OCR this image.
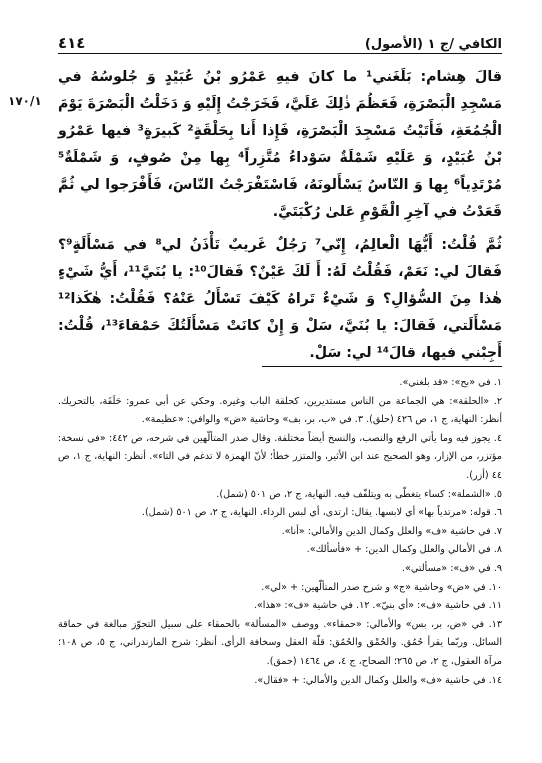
٤١٤	الكافي /ج ١ (الأصول)
١٧٠/١

قالَ هِشام: بَلَغَني¹ ما كانَ فيهِ عَمْرُو بْنُ عُبَيْدٍ وَ جُلوسُهُ في مَسْجِدِ الْبَصْرَةِ، فَعَظُمَ ذٰلِكَ عَلَيَّ، فَخَرَجْتُ إِلَيْهِ وَ دَخَلْتُ الْبَصْرَةَ يَوْمَ الْجُمُعَةِ، فَأَتَيْتُ مَسْجِدَ الْبَصْرَةِ، فَإِذا أَنا بِحَلْقَةٍ² كَبيرَةٍ³ فيها عَمْرُو بْنُ عُبَيْدٍ، وَ عَلَيْهِ شَمْلَةٌ سَوْداءُ مُتَّزِراً⁴ بِها مِنْ صُوفٍ، وَ شَمْلَةٌ⁵ مُرْتَدِياً⁶ بِها وَ النّاسُ يَسْأَلونَهُ، فَاسْتَفْرَجْتُ النّاسَ، فَأَفْرَجوا لي ثُمَّ قَعَدْتُ في آخِرِ الْقَوْمِ عَلىٰ رُكْبَتَيَّ.

ثُمَّ قُلْتُ: أَيُّهَا الْعالِمُ، إِنّي⁷ رَجُلٌ غَريبٌ تَأْذَنُ لي⁸ في مَسْأَلَةٍ⁹؟ فَقالَ لي: نَعَمْ، فَقُلْتُ لَهُ: أَ لَكَ عَيْنٌ؟ فَقالَ¹⁰: يا بُنَيَّ¹¹، أَيُّ شَيْءٍ هٰذا مِنَ السُّؤالِ؟ وَ شَيْءٌ تَراهُ كَيْفَ تَسْأَلُ عَنْهُ؟ فَقُلْتُ: هٰكَذا¹² مَسْأَلَتي، فَقالَ: يا بُنَيَّ، سَلْ وَ إِنْ كانَتْ مَسْأَلَتُكَ حَمْقاءَ¹³، قُلْتُ: أَجِبْني فيها، قالَ¹⁴ لي: سَلْ.

١. في «بح»: «قد بلغني».

٢. «الحلقة»: هي الجماعة من الناس مستديرين، كحلقة الباب وغيره. وحكي عن أبي عمرو: حَلَقَة، بالتحريك. أنظر: النهاية، ج ١، ص ٤٢٦ (حلق). ٣. في «ب، بر، بف» وحاشية «ض» والوافي: «عظيمة».

٤. يجوز فيه وما يأتي الرفع والنصب، والنسخ أيضاً مختلفة. وقال صدر المتألّهين في شرحه، ص ٤٤٢: «في نسخة: مؤتزر، من الإزار، وهو الصحيح عند ابن الأثير، والمتزر خطأ؛ لأنّ الهمزة لا تدغم في التاء». أنظر: النهاية، ج ١، ص ٤٤ (أزر).

٥. «الشملة»: كساء يتغطّى به ويتلفّف فيه. النهاية، ج ٢، ص ٥٠١ (شمل).

٦. قوله: «مرتدياً بها» أي لابسها. يقال: ارتدى، أي لبس الرداء. النهاية، ج ٢، ص ٥٠١ (شمل).

٧. في حاشية «ف» والعلل وكمال الدين والأمالي: «أنا».

٨. في الأمالي والعلل وكمال الدين: + «فأسألك».

٩. في «ف»: «مسألتي».

١٠. في «ض» وحاشية «ج» و شرح صدر المتألّهين: + «لي».

١١. في حاشية «ف»: «أي بنيّ». ١٢. في حاشية «ف»: «هذا».

١٣. في «ض، بر، بس» والأمالي: «حمقاء». ووصف «المسألة» بالحمقاء على سبيل التجوّز مبالغة في حماقة السائل. وربّما يقرأ حُمُق. والحُمْق والحُمُق: قلّة العقل وسخافة الرأي. أنظر: شرح المازندراني، ج ٥، ص ١٠٨؛ مرآة العقول، ج ٢، ص ٢٦٥؛ الصحاح، ج ٤، ص ١٤٦٤ (حمق).

١٤. في حاشية «ف» والعلل وكمال الدين والأمالي: + «فقال».
